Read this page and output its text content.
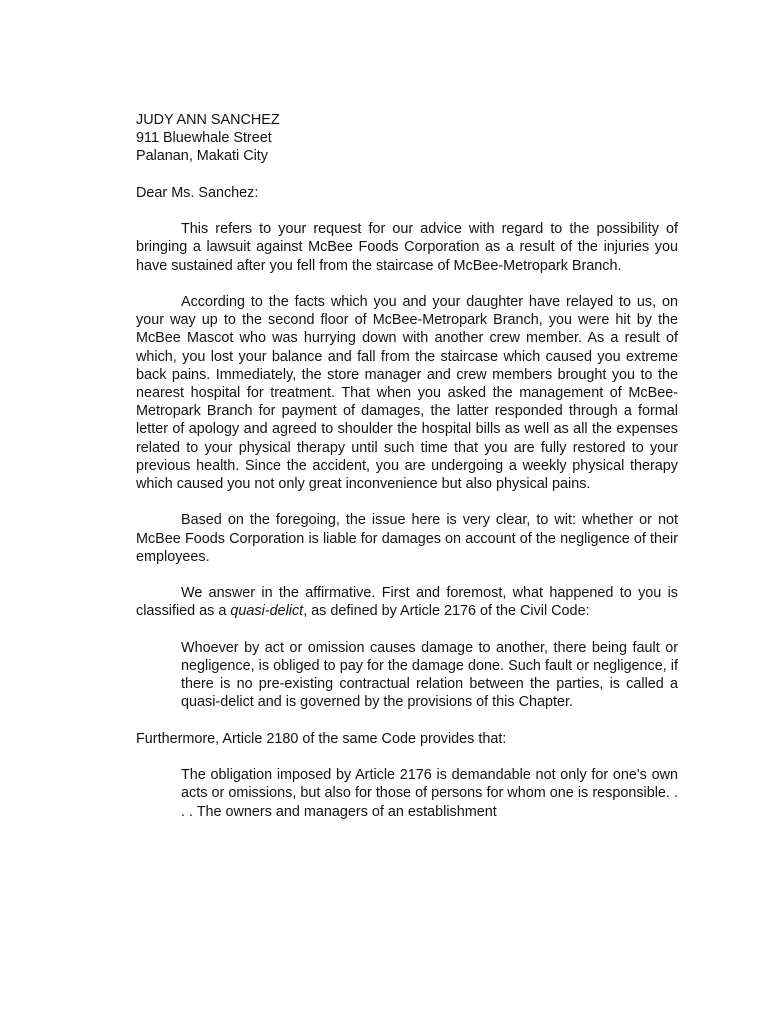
JUDY ANN SANCHEZ
911 Bluewhale Street
Palanan, Makati City
Dear Ms. Sanchez:

This refers to your request for our advice with regard to the possibility of bringing a lawsuit against McBee Foods Corporation as a result of the injuries you have sustained after you fell from the staircase of McBee-Metropark Branch.

According to the facts which you and your daughter have relayed to us, on your way up to the second floor of McBee-Metropark Branch, you were hit by the McBee Mascot who was hurrying down with another crew member. As a result of which, you lost your balance and fall from the staircase which caused you extreme back pains. Immediately, the store manager and crew members brought you to the nearest hospital for treatment. That when you asked the management of McBee-Metropark Branch for payment of damages, the latter responded through a formal letter of apology and agreed to shoulder the hospital bills as well as all the expenses related to your physical therapy until such time that you are fully restored to your previous health. Since the accident, you are undergoing a weekly physical therapy which caused you not only great inconvenience but also physical pains.

Based on the foregoing, the issue here is very clear, to wit: whether or not McBee Foods Corporation is liable for damages on account of the negligence of their employees.

We answer in the affirmative. First and foremost, what happened to you is classified as a quasi-delict, as defined by Article 2176 of the Civil Code:

Whoever by act or omission causes damage to another, there being fault or negligence, is obliged to pay for the damage done. Such fault or negligence, if there is no pre-existing contractual relation between the parties, is called a quasi-delict and is governed by the provisions of this Chapter.

Furthermore, Article 2180 of the same Code provides that:

The obligation imposed by Article 2176 is demandable not only for one's own acts or omissions, but also for those of persons for whom one is responsible. . . . The owners and managers of an establishment
